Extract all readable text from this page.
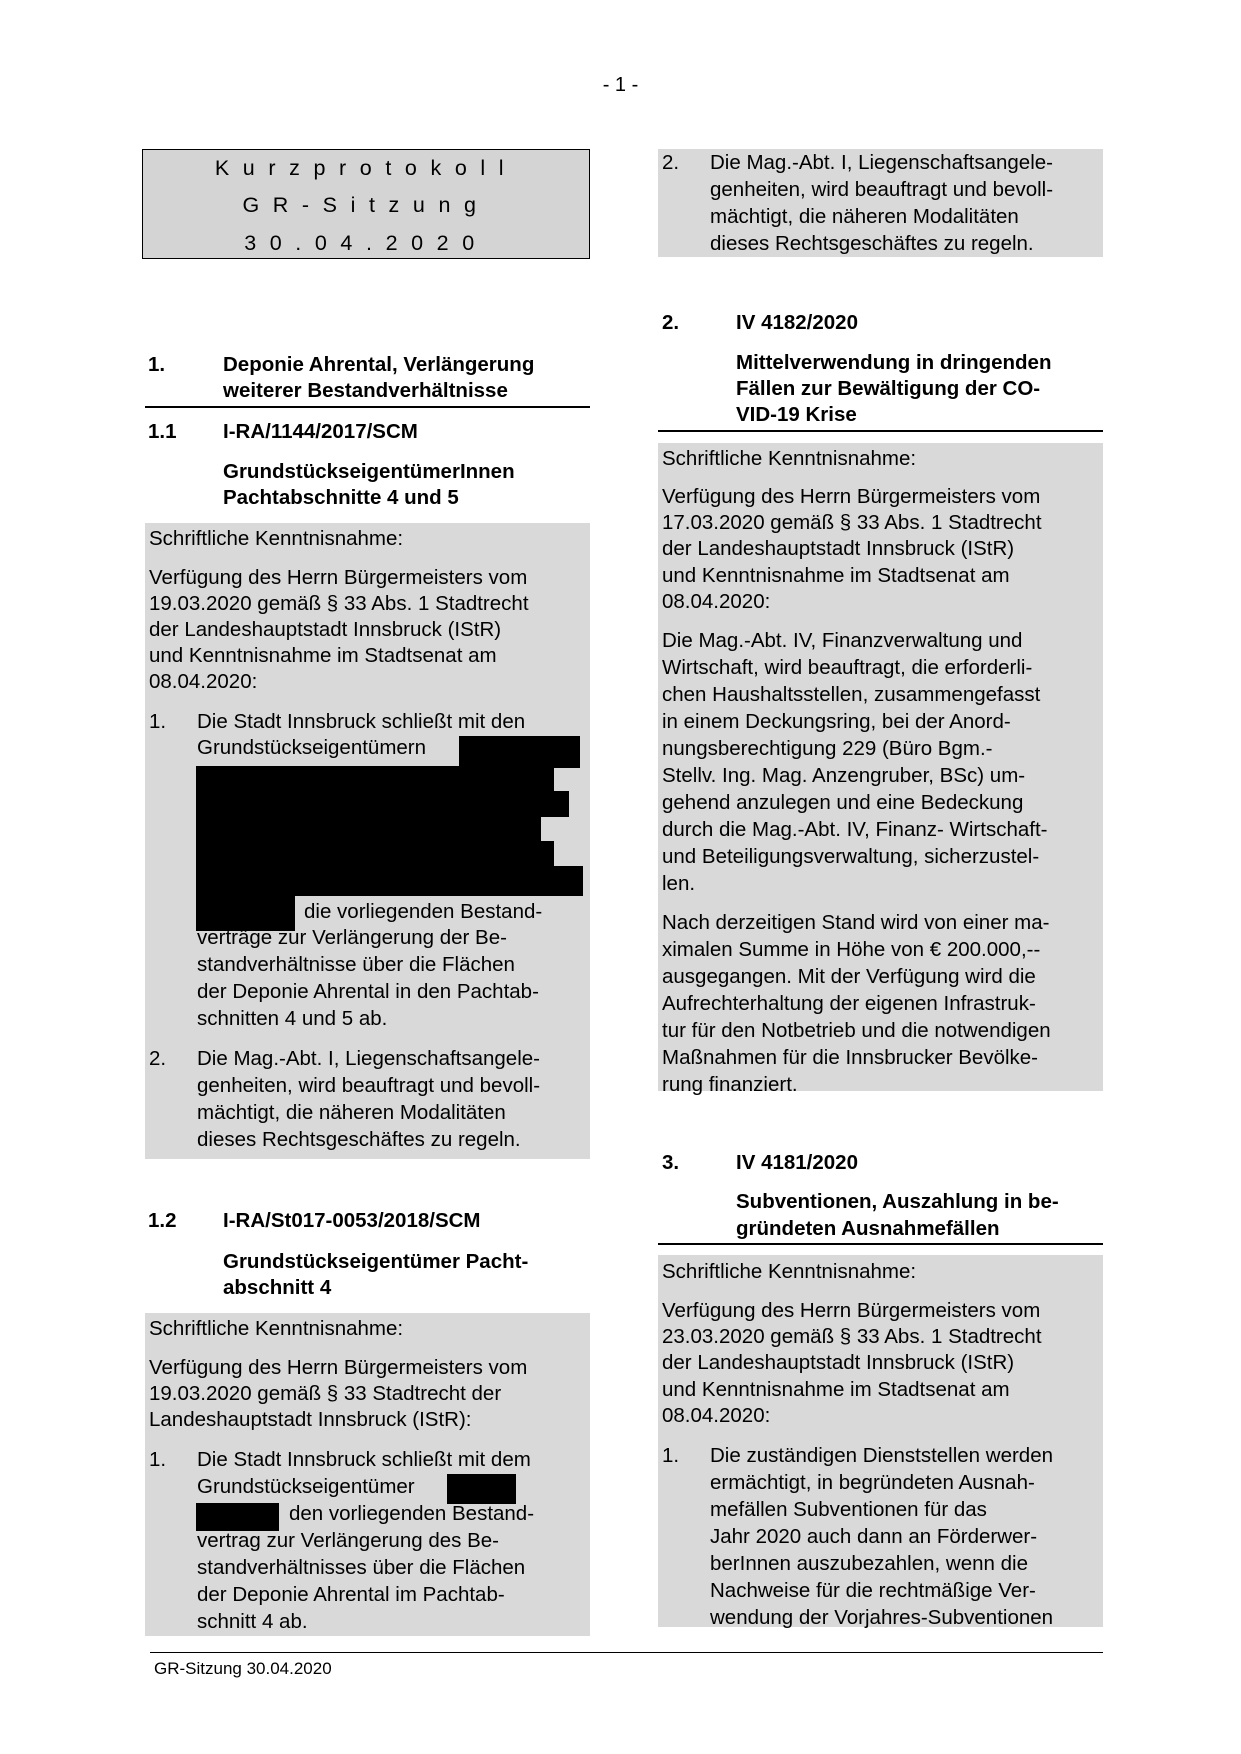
- 1 -
Kurzprotokoll
GR-Sitzung
30.04.2020
1.	Deponie Ahrental, Verlängerung
weiterer Bestandverhältnisse
1.1 I-RA/1144/2017/SCM
GrundstückseigentümerInnen
Pachtabschnitte 4 und 5
Schriftliche Kenntnisnahme:
Verfügung des Herrn Bürgermeisters vom
19.03.2020 gemäß § 33 Abs. 1 Stadtrecht
der Landeshauptstadt Innsbruck (IStR)
und Kenntnisnahme im Stadtsenat am
08.04.2020:
1. Die Stadt Innsbruck schließt mit den
Grundstückseigentümern
die vorliegenden Bestand-
verträge zur Verlängerung der Be-
standverhältnisse über die Flächen
der Deponie Ahrental in den Pachtab-
schnitten 4 und 5 ab.
2. Die Mag.-Abt. I, Liegenschaftsangele-
genheiten, wird beauftragt und bevoll-
mächtigt, die näheren Modalitäten
dieses Rechtsgeschäftes zu regeln.
1.2 I-RA/St017-0053/2018/SCM
Grundstückseigentümer Pacht-
abschnitt 4
Schriftliche Kenntnisnahme:
Verfügung des Herrn Bürgermeisters vom
19.03.2020 gemäß § 33 Stadtrecht der
Landeshauptstadt Innsbruck (IStR):
1. Die Stadt Innsbruck schließt mit dem
Grundstückseigentümer
den vorliegenden Bestand-
vertrag zur Verlängerung des Be-
standverhältnisses über die Flächen
der Deponie Ahrental im Pachtab-
schnitt 4 ab.
2. Die Mag.-Abt. I, Liegenschaftsangele-
genheiten, wird beauftragt und bevoll-
mächtigt, die näheren Modalitäten
dieses Rechtsgeschäftes zu regeln.
2.	IV 4182/2020
Mittelverwendung in dringenden
Fällen zur Bewältigung der CO-
VID-19 Krise
Schriftliche Kenntnisnahme:
Verfügung des Herrn Bürgermeisters vom
17.03.2020 gemäß § 33 Abs. 1 Stadtrecht
der Landeshauptstadt Innsbruck (IStR)
und Kenntnisnahme im Stadtsenat am
08.04.2020:
Die Mag.-Abt. IV, Finanzverwaltung und
Wirtschaft, wird beauftragt, die erforderli-
chen Haushaltsstellen, zusammengefasst
in einem Deckungsring, bei der Anord-
nungsberechtigung 229 (Büro Bgm.-
Stellv. Ing. Mag. Anzengruber, BSc) um-
gehend anzulegen und eine Bedeckung
durch die Mag.-Abt. IV, Finanz- Wirtschaft-
und Beteiligungsverwaltung, sicherzustel-
len.
Nach derzeitigen Stand wird von einer ma-
ximalen Summe in Höhe von € 200.000,--
ausgegangen. Mit der Verfügung wird die
Aufrechterhaltung der eigenen Infrastruk-
tur für den Notbetrieb und die notwendigen
Maßnahmen für die Innsbrucker Bevölke-
rung finanziert.
3.	IV 4181/2020
Subventionen, Auszahlung in be-
gründeten Ausnahmefällen
Schriftliche Kenntnisnahme:
Verfügung des Herrn Bürgermeisters vom
23.03.2020 gemäß § 33 Abs. 1 Stadtrecht
der Landeshauptstadt Innsbruck (IStR)
und Kenntnisnahme im Stadtsenat am
08.04.2020:
1. Die zuständigen Dienststellen werden
ermächtigt, in begründeten Ausnah-
mefällen Subventionen für das
Jahr 2020 auch dann an Förderwer-
berInnen auszubezahlen, wenn die
Nachweise für die rechtmäßige Ver-
wendung der Vorjahres-Subventionen
GR-Sitzung 30.04.2020
